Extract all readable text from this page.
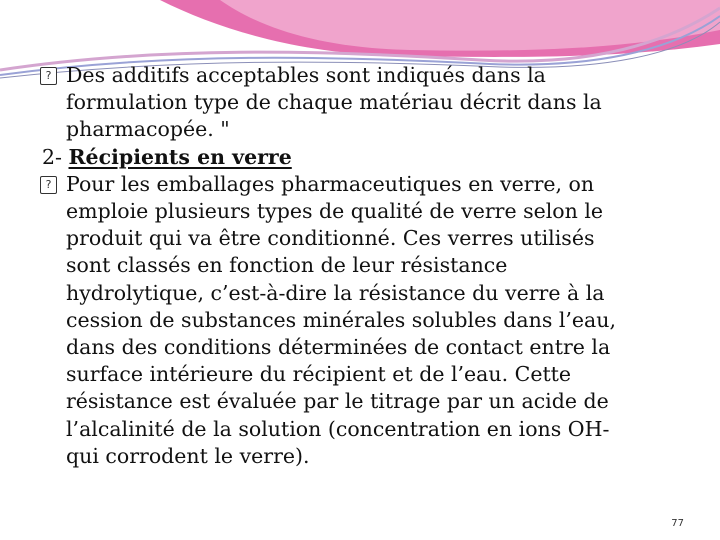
? Des additifs acceptables sont indiqués dans la
formulation type de chaque matériau décrit dans la
pharmacopée. "
2- Récipients en verre
? Pour les emballages pharmaceutiques en verre, on
emploie plusieurs types de qualité de verre selon le
produit qui va être conditionné. Ces verres utilisés
sont classés en fonction de leur résistance
hydrolytique, c’est-à-dire la résistance du verre à la
cession de substances minérales solubles dans l’eau,
dans des conditions déterminées de contact entre la
surface intérieure du récipient et de l’eau. Cette
résistance est évaluée par le titrage par un acide de
l’alcalinité de la solution (concentration en ions OH-
qui corrodent le verre).
77
